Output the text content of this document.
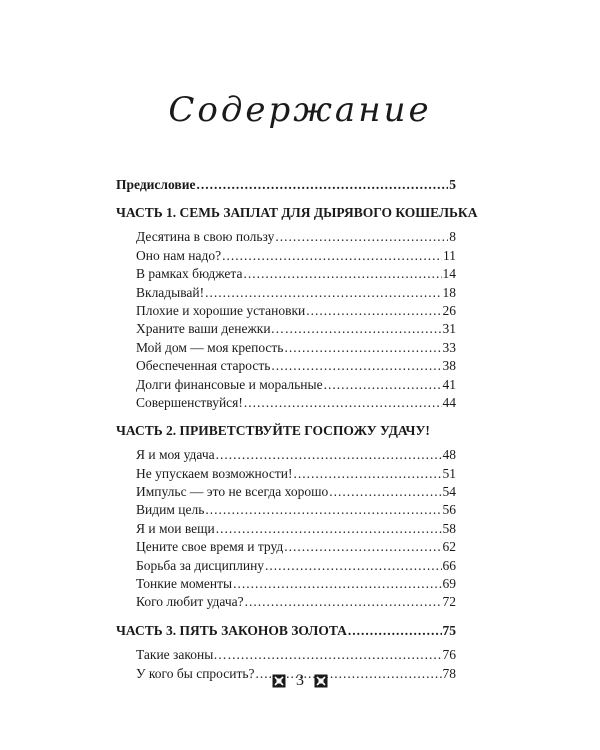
Содержание
Предисловие .....	5
ЧАСТЬ 1. СЕМЬ ЗАПЛАТ ДЛЯ ДЫРЯВОГО КОШЕЛЬКА
Десятина в свою пользу .....	8
Оно нам надо? .....	11
В рамках бюджета .....	14
Вкладывай! .....	18
Плохие и хорошие установки .....	26
Храните ваши денежки… .....	31
Мой дом — моя крепость .....	33
Обеспеченная старость .....	38
Долги финансовые и моральные .....	41
Совершенствуйся! .....	44
ЧАСТЬ 2. ПРИВЕТСТВУЙТЕ ГОСПОЖУ УДАЧУ!
Я и моя удача .....	48
Не упускаем возможности! .....	51
Импульс — это не всегда хорошо .....	54
Видим цель .....	56
Я и мои вещи .....	58
Цените свое время и труд .....	62
Борьба за дисциплину .....	66
Тонкие моменты .....	69
Кого любит удача? .....	72
ЧАСТЬ 3. ПЯТЬ ЗАКОНОВ ЗОЛОТА .....	75
Такие законы… .....	76
У кого бы спросить? .....	78
3
